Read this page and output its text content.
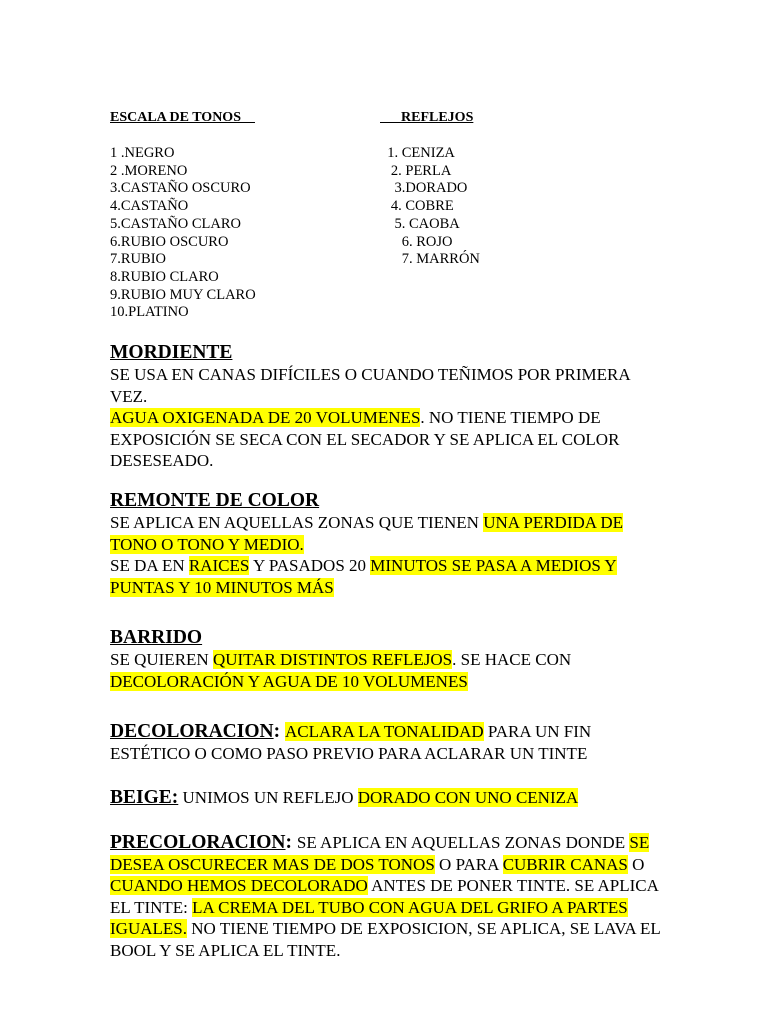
ESCALA DE TONOS	REFLEJOS
1 .NEGRO
2 .MORENO
3.CASTAÑO OSCURO
4.CASTAÑO
5.CASTAÑO CLARO
6.RUBIO OSCURO
7.RUBIO
8.RUBIO CLARO
9.RUBIO MUY CLARO
10.PLATINO
1. CENIZA
2. PERLA
3.DORADO
4. COBRE
5. CAOBA
6. ROJO
7. MARRÓN
MORDIENTE

SE USA EN CANAS DIFÍCILES O CUANDO TEÑIMOS POR PRIMERA VEZ.

AGUA OXIGENADA DE 20 VOLUMENES. NO TIENE TIEMPO DE EXPOSICIÓN SE SECA CON EL SECADOR Y SE APLICA EL COLOR DESESEADO.

REMONTE DE COLOR

SE APLICA EN AQUELLAS ZONAS QUE TIENEN UNA PERDIDA DE TONO O TONO Y MEDIO.

SE DA EN RAICES Y PASADOS 20 MINUTOS SE PASA A MEDIOS Y PUNTAS Y 10 MINUTOS MÁS

BARRIDO

SE QUIEREN QUITAR DISTINTOS REFLEJOS. SE HACE CON DECOLORACIÓN Y AGUA DE 10 VOLUMENES

DECOLORACION: ACLARA LA TONALIDAD PARA UN FIN ESTÉTICO O COMO PASO PREVIO PARA ACLARAR UN TINTE

BEIGE: UNIMOS UN REFLEJO DORADO CON UNO CENIZA

PRECOLORACION: SE APLICA EN AQUELLAS ZONAS DONDE SE DESEA OSCURECER MAS DE DOS TONOS O PARA CUBRIR CANAS O CUANDO HEMOS DECOLORADO ANTES DE PONER TINTE. SE APLICA EL TINTE: LA CREMA DEL TUBO CON AGUA DEL GRIFO A PARTES IGUALES. NO TIENE TIEMPO DE EXPOSICION, SE APLICA, SE LAVA EL BOOL Y SE APLICA EL TINTE.
